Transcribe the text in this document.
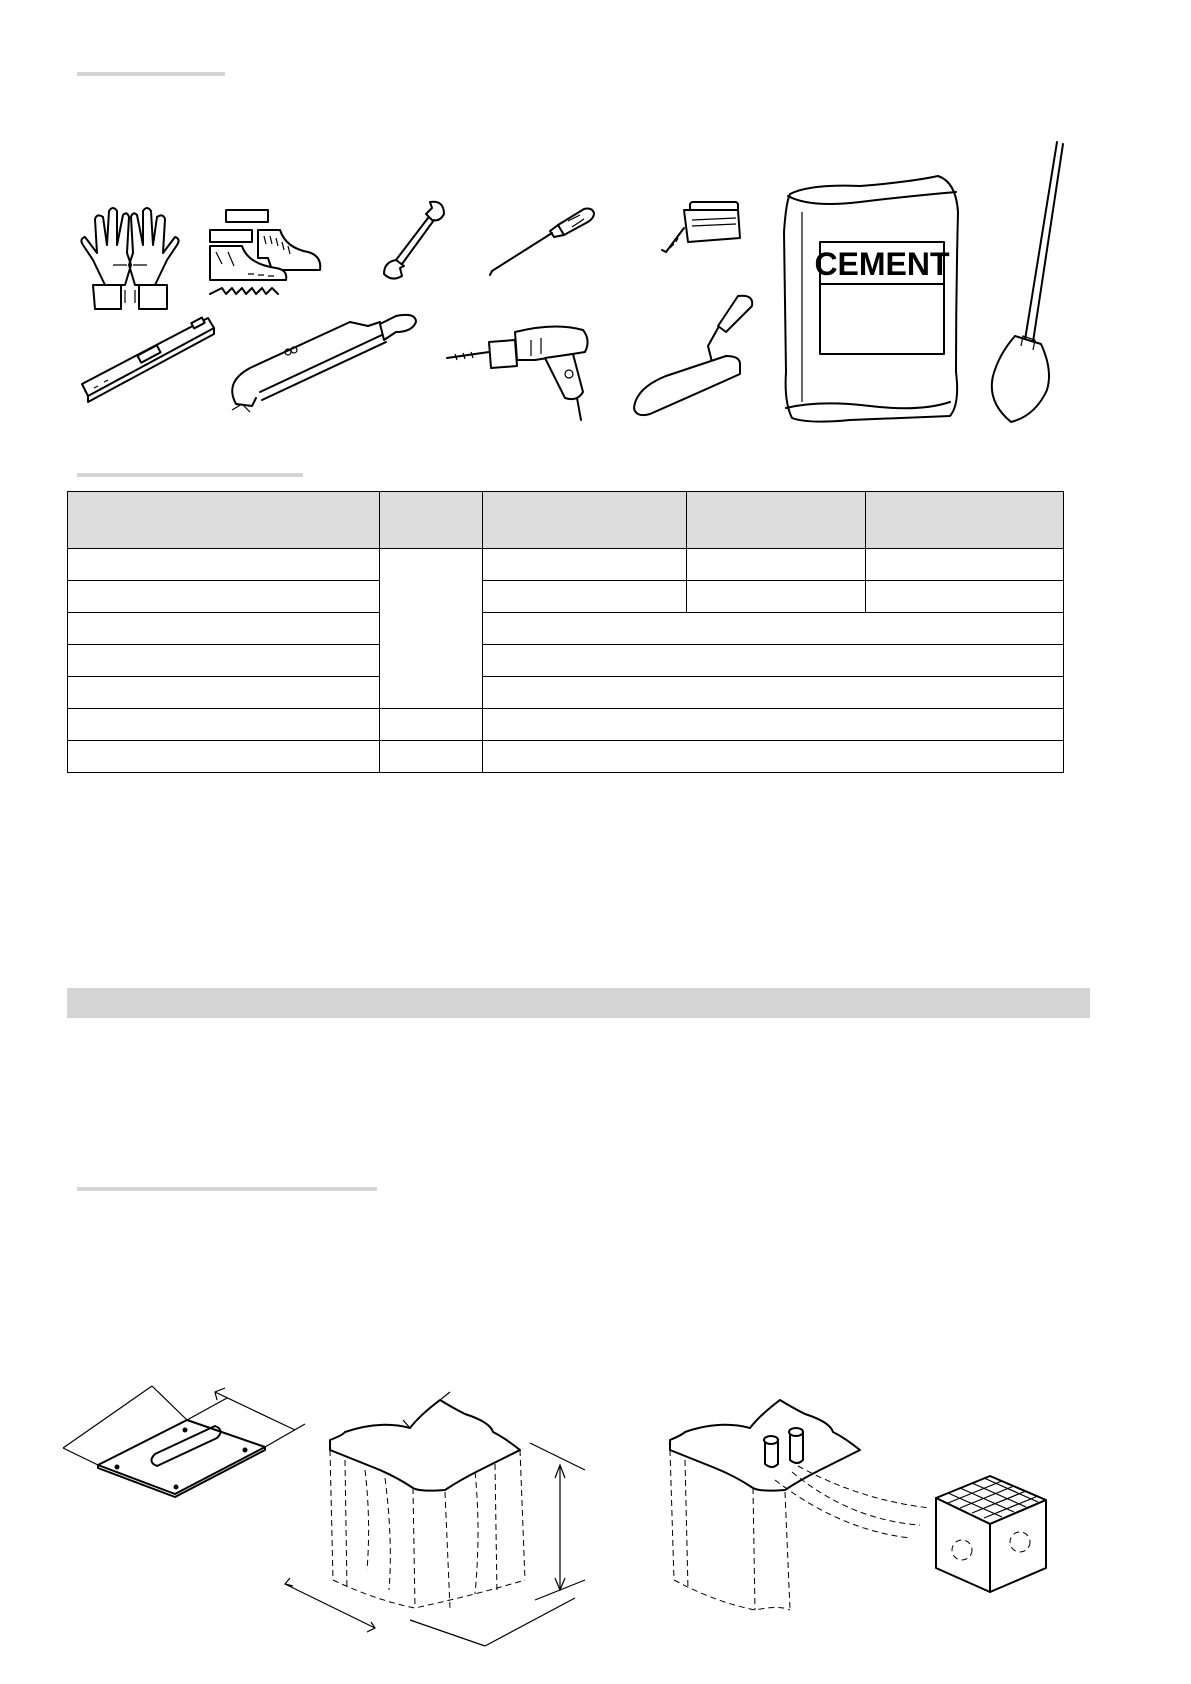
CEMENT
